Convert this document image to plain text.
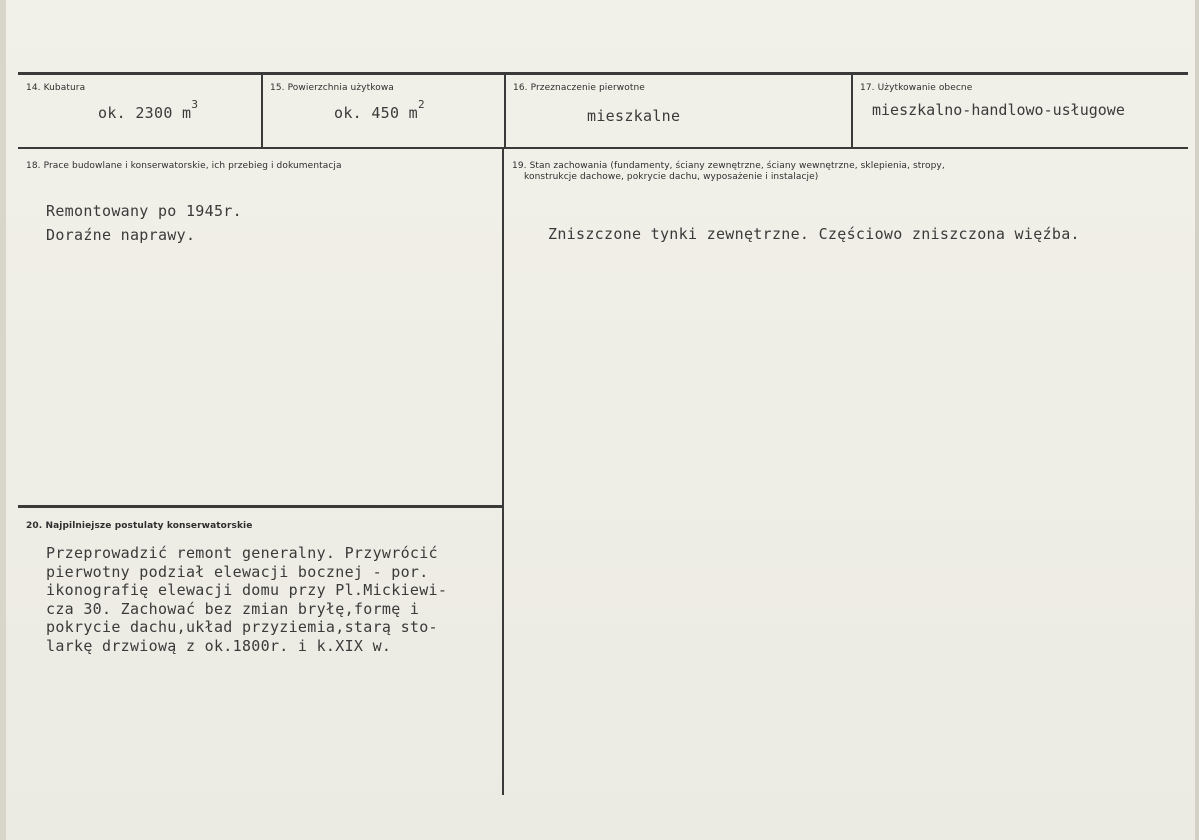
14. Kubatura
ok. 2300 $m^3$
15. Powierzchnia użytkowa
ok. 450 $m^2$
16. Przeznaczenie pierwotne
mieszkalne
17. Użytkowanie obecne
mieszkalno-handlowo-usługowe
18. Prace budowlane i konserwatorskie, ich przebieg i dokumentacja
Remontowany po 1945r.
Doraźne naprawy.
19. Stan zachowania (fundamenty, ściany zewnętrzne, ściany wewnętrzne, sklepienia, stropy,
konstrukcje dachowe, pokrycie dachu, wyposażenie i instalacje)
Zniszczone tynki zewnętrzne. Częściowo zniszczona więźba.
20. Najpilniejsze postulaty konserwatorskie
Przeprowadzić remont generalny. Przywrócić
pierwotny podział elewacji bocznej - por.
ikonografię elewacji domu przy Pl.Mickiewi-
cza 30. Zachować bez zmian bryłę,formę i
pokrycie dachu,układ przyziemia,starą sto-
larkę drzwiową z ok.1800r. i k.XIX w.
